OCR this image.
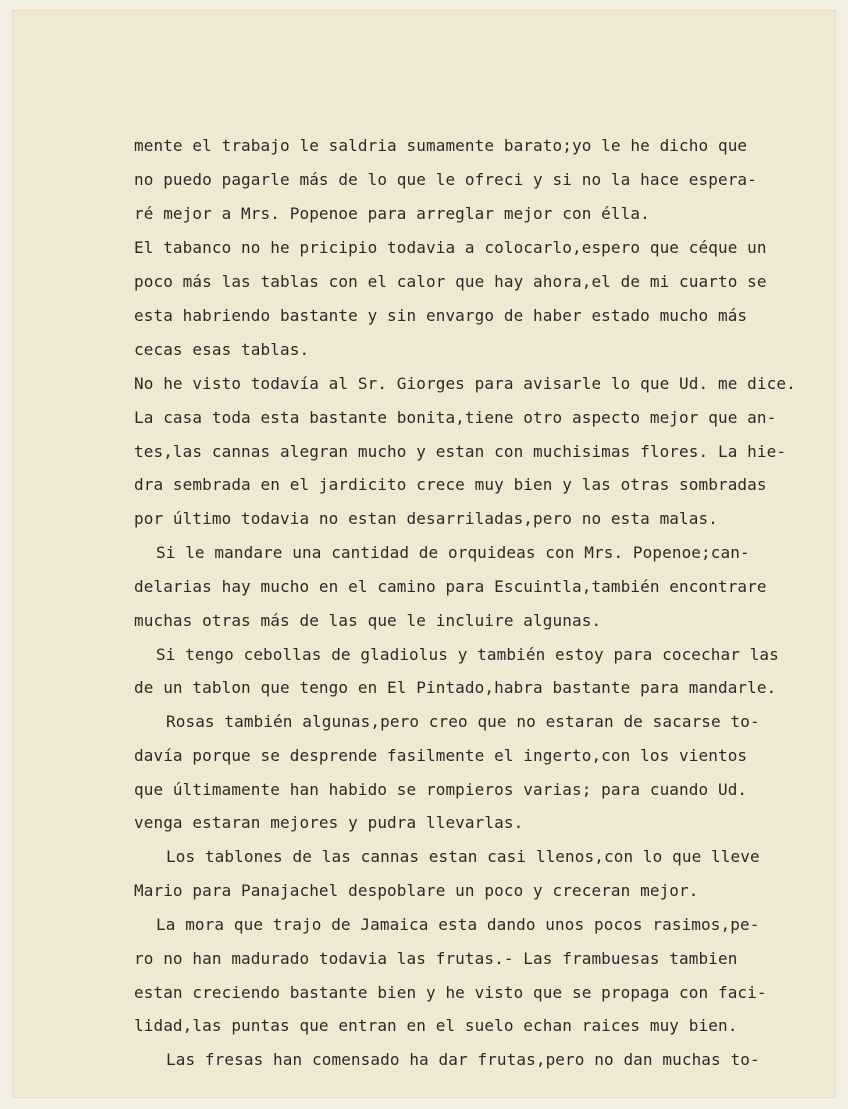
mente el trabajo le saldria sumamente barato;yo le he dicho que

no puedo pagarle más de lo que le ofreci y si no la hace espera-

ré mejor a Mrs. Popenoe para arreglar mejor con élla.

El tabanco no he pricipio todavia a colocarlo,espero que céque un

poco más las tablas con el calor que hay ahora,el de mi cuarto se

esta habriendo bastante y sin envargo de haber estado mucho más

cecas esas tablas.

No he visto todavía al Sr. Giorges para avisarle lo que Ud. me dice.

La casa toda esta bastante bonita,tiene otro aspecto mejor que an-

tes,las cannas alegran mucho y estan con muchisimas flores. La hie-

dra sembrada en el jardicito crece muy bien y las otras sombradas

por último todavia no estan desarriladas,pero no esta malas.

Si le mandare una cantidad de orquideas con Mrs. Popenoe;can-

delarias hay mucho en el camino para Escuintla,también encontrare

muchas otras más de las que le incluire algunas.

Si tengo cebollas de gladiolus y también estoy para cocechar las

de un tablon que tengo en El Pintado,habra bastante para mandarle.

Rosas también algunas,pero creo que no estaran de sacarse to-

davía porque se desprende fasilmente el ingerto,con los vientos

que últimamente han habido se rompieros varias; para cuando Ud.

venga estaran mejores y pudra llevarlas.

Los tablones de las cannas estan casi llenos,con lo que lleve

Mario para Panajachel despoblare un poco y creceran mejor.

La mora que trajo de Jamaica esta dando unos pocos rasimos,pe-

ro no han madurado todavia las frutas.- Las frambuesas tambien

estan creciendo bastante bien y he visto que se propaga con faci-

lidad,las puntas que entran en el suelo echan raices muy bien.

Las fresas han comensado ha dar frutas,pero no dan muchas to-
